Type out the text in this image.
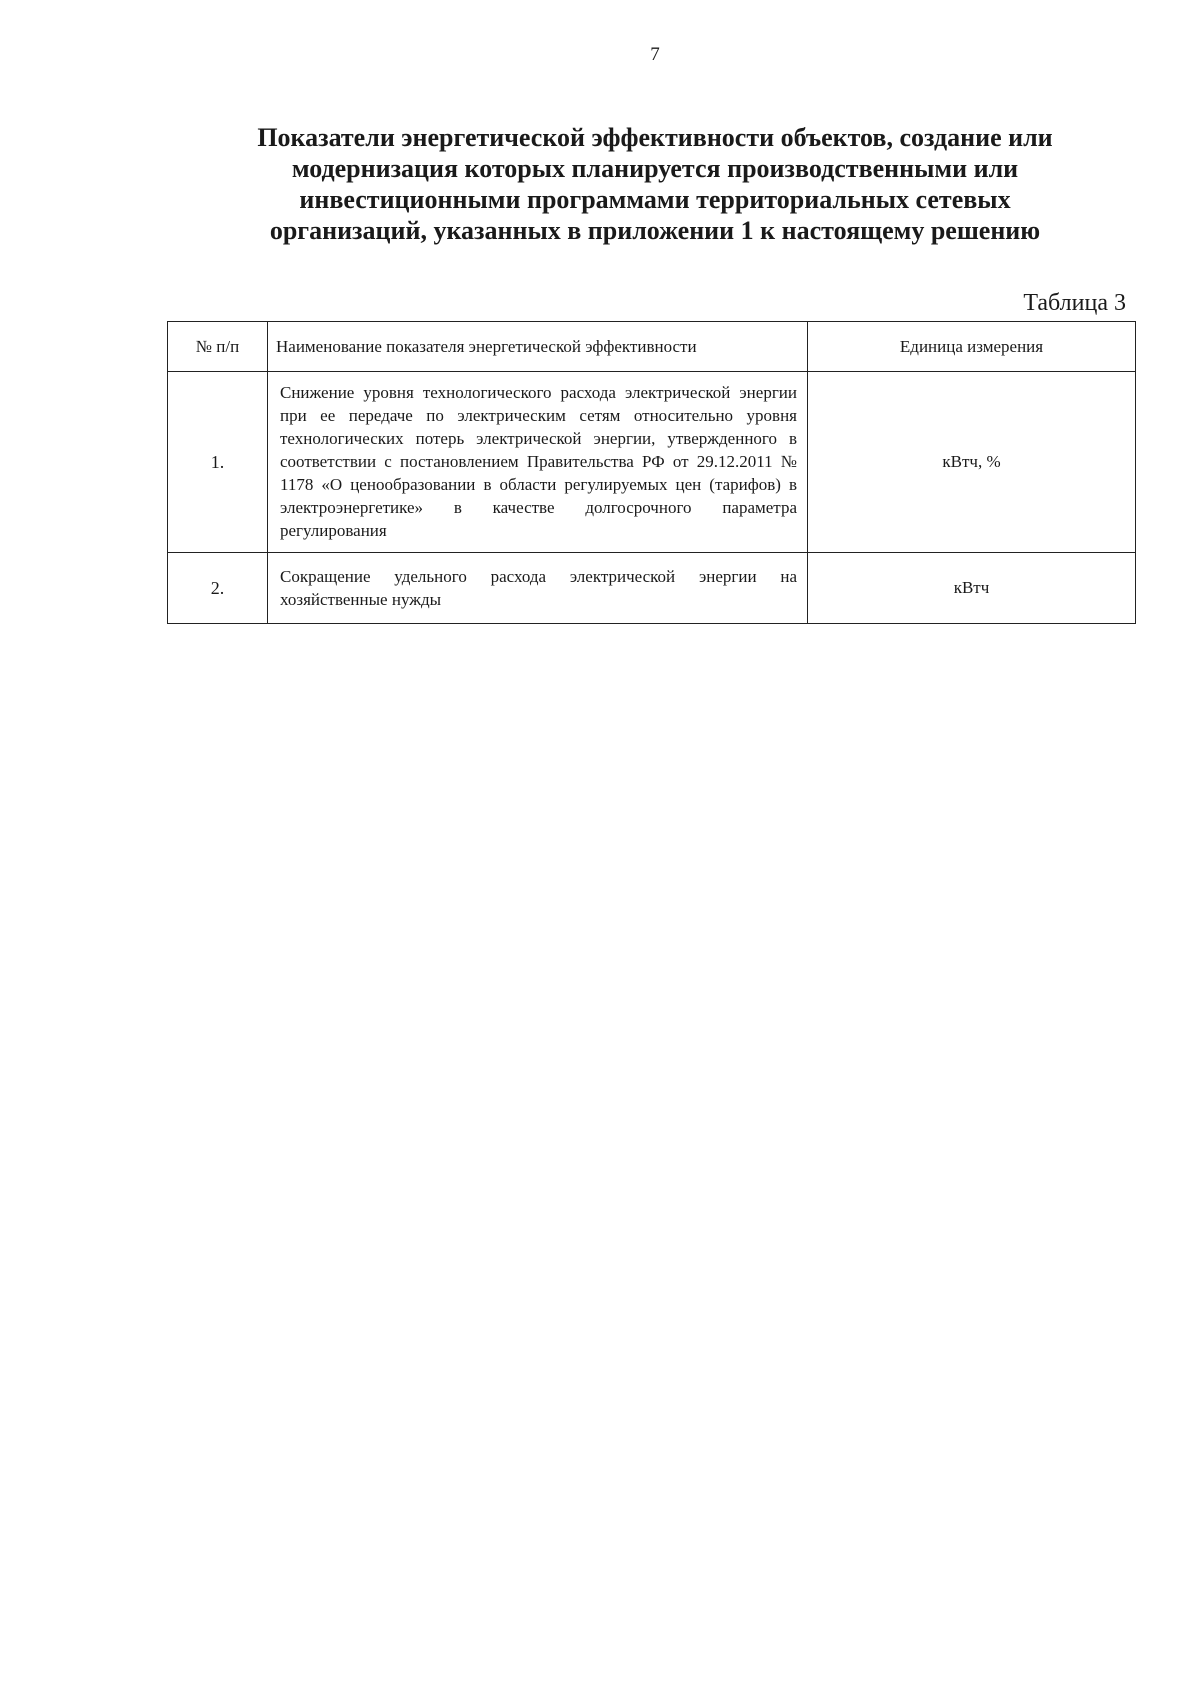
7
Показатели энергетической эффективности объектов, создание или
модернизация которых планируется производственными или
инвестиционными программами территориальных сетевых
организаций, указанных в приложении 1 к настоящему решению
Таблица 3
№ п/п	Наименование показателя энергетической эффективности	Единица измерения
1.	Снижение уровня технологического расхода электрической энергии при ее передаче по электрическим сетям относительно уровня технологических потерь электрической энергии, утвержденного в соответствии с постановлением Правительства РФ от 29.12.2011 № 1178 «О ценообразовании в области регулируемых цен (тарифов) в электроэнергетике» в качестве долгосрочного параметра регулирования	кВтч, %
2.	Сокращение удельного расхода электрической энергии на хозяйственные нужды	кВтч
